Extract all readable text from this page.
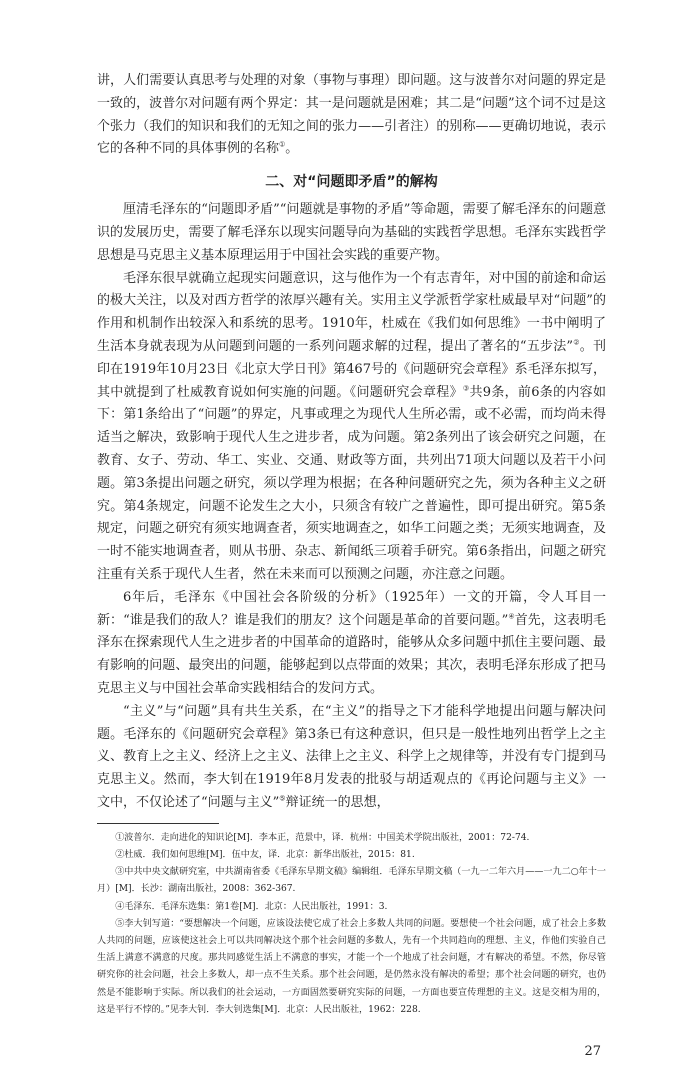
讲，人们需要认真思考与处理的对象（事物与事理）即问题。这与波普尔对问题的界定是一致的，波普尔对问题有两个界定：其一是问题就是困难；其二是“问题”这个词不过是这个张力（我们的知识和我们的无知之间的张力——引者注）的别称——更确切地说，表示它的各种不同的具体事例的名称①。

二、对“问题即矛盾”的解构

厘清毛泽东的“问题即矛盾”“问题就是事物的矛盾”等命题，需要了解毛泽东的问题意识的发展历史，需要了解毛泽东以现实问题导向为基础的实践哲学思想。毛泽东实践哲学思想是马克思主义基本原理运用于中国社会实践的重要产物。

毛泽东很早就确立起现实问题意识，这与他作为一个有志青年，对中国的前途和命运的极大关注，以及对西方哲学的浓厚兴趣有关。实用主义学派哲学家杜威最早对“问题”的作用和机制作出较深入和系统的思考。1910年，杜威在《我们如何思维》一书中阐明了生活本身就表现为从问题到问题的一系列问题求解的过程，提出了著名的“五步法”②。刊印在1919年10月23日《北京大学日刊》第467号的《问题研究会章程》系毛泽东拟写，其中就提到了杜威教育说如何实施的问题。《问题研究会章程》③共9条，前6条的内容如下：第1条给出了“问题”的界定，凡事或理之为现代人生所必需，或不必需，而均尚未得适当之解决，致影响于现代人生之进步者，成为问题。第2条列出了该会研究之问题，在教育、女子、劳动、华工、实业、交通、财政等方面，共列出71项大问题以及若干小问题。第3条提出问题之研究，须以学理为根据；在各种问题研究之先，须为各种主义之研究。第4条规定，问题不论发生之大小，只须含有较广之普遍性，即可提出研究。第5条规定，问题之研究有须实地调查者，须实地调查之，如华工问题之类；无须实地调查，及一时不能实地调查者，则从书册、杂志、新闻纸三项着手研究。第6条指出，问题之研究注重有关系于现代人生者，然在未来而可以预测之问题，亦注意之问题。

6年后，毛泽东《中国社会各阶级的分析》（1925年）一文的开篇，令人耳目一新：“谁是我们的敌人？谁是我们的朋友？这个问题是革命的首要问题。”④首先，这表明毛泽东在探索现代人生之进步者的中国革命的道路时，能够从众多问题中抓住主要问题、最有影响的问题、最突出的问题，能够起到以点带面的效果；其次，表明毛泽东形成了把马克思主义与中国社会革命实践相结合的发问方式。

“主义”与“问题”具有共生关系，在“主义”的指导之下才能科学地提出问题与解决问题。毛泽东的《问题研究会章程》第3条已有这种意识，但只是一般性地列出哲学上之主义、教育上之主义、经济上之主义、法律上之主义、科学上之规律等，并没有专门提到马克思主义。然而，李大钊在1919年8月发表的批驳与胡适观点的《再论问题与主义》一文中，不仅论述了“问题与主义”⑤辩证统一的思想，

①波普尔．走向进化的知识论[M]．李本正，范景中，译．杭州：中国美术学院出版社，2001：72-74.

②杜威．我们如何思维[M]．伍中友，译．北京：新华出版社，2015：81.

③中共中央文献研究室，中共湖南省委《毛泽东早期文稿》编辑组．毛泽东早期文稿（一九一二年六月——一九二○年十一月）[M]．长沙：湖南出版社，2008：362-367.

④毛泽东．毛泽东选集：第1卷[M]．北京：人民出版社，1991：3.

⑤李大钊写道：“要想解决一个问题，应该设法使它成了社会上多数人共同的问题。要想使一个社会问题，成了社会上多数人共同的问题，应该使这社会上可以共同解决这个那个社会问题的多数人，先有一个共同趋向的理想、主义，作他们实验自己生活上满意不满意的尺度。那共同感觉生活上不满意的事实，才能一个一个地成了社会问题，才有解决的希望。不然，你尽管研究你的社会问题，社会上多数人，却一点不生关系。那个社会问题，是仍然永没有解决的希望；那个社会问题的研究，也仍然是不能影响于实际。所以我们的社会运动，一方面固然要研究实际的问题，一方面也要宣传理想的主义。这是交相为用的，这是平行不悖的。”见李大钊．李大钊选集[M]．北京：人民出版社，1962：228.

27
